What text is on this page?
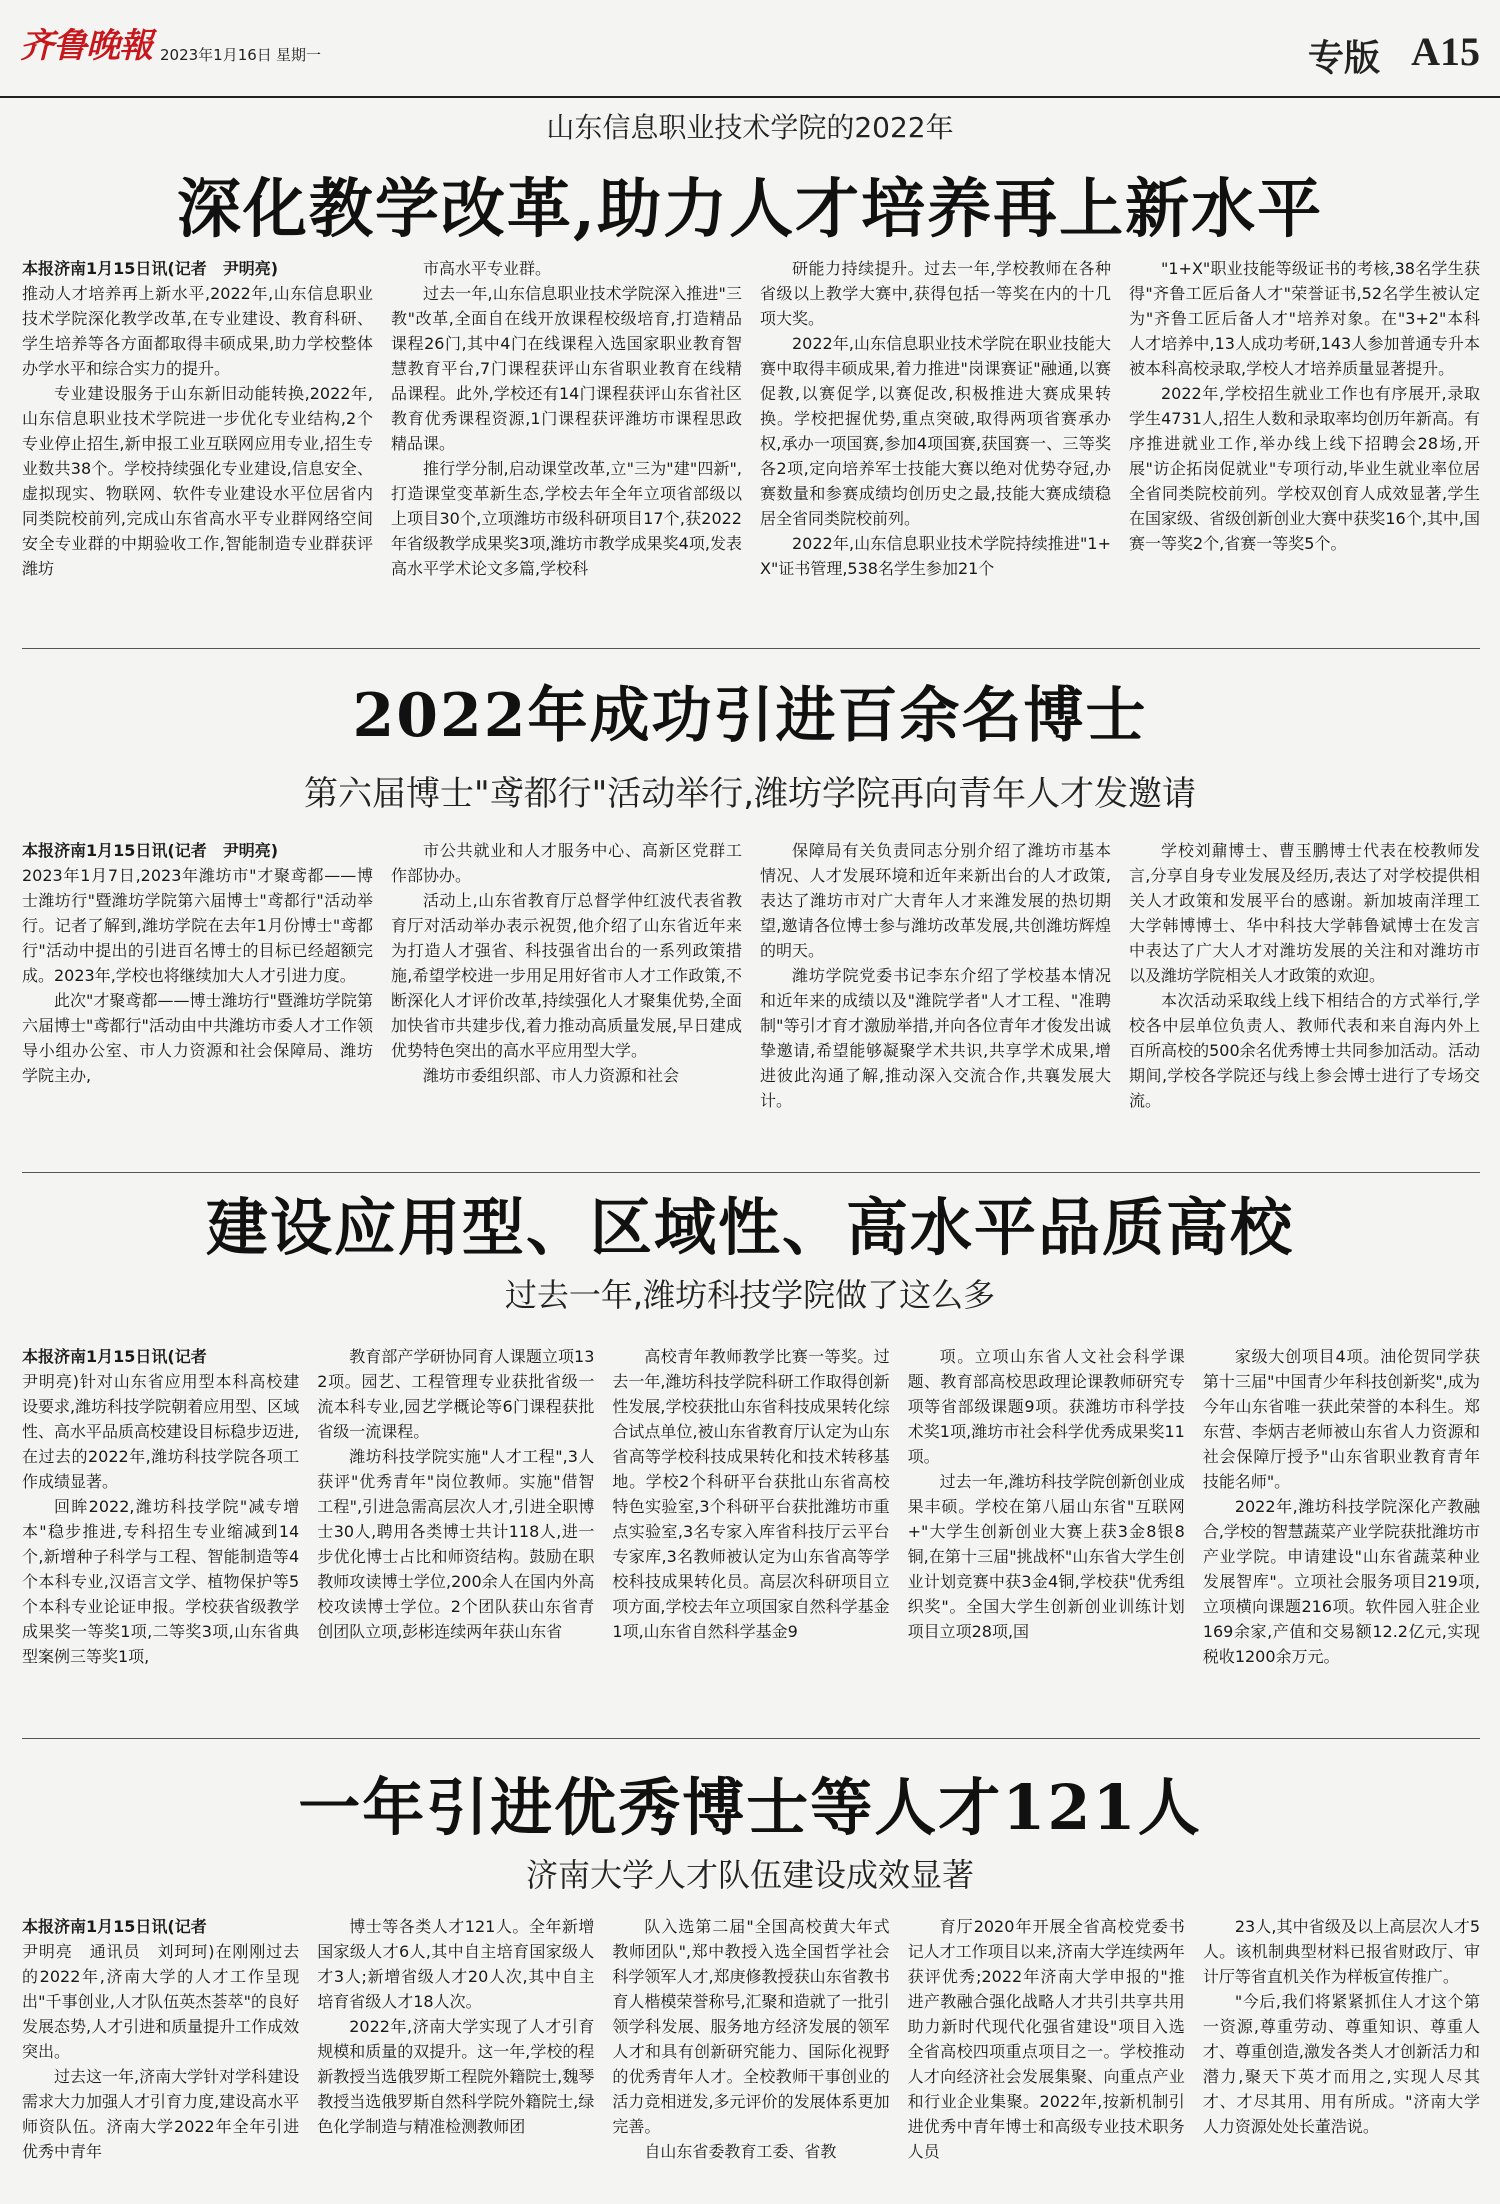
齐鲁晚報 2023年1月16日 星期一	专版 A15
山东信息职业技术学院的2022年
深化教学改革,助力人才培养再上新水平

本报济南1月15日讯(记者　尹明亮)
推动人才培养再上新水平,2022年,山东信息职业技术学院深化教学改革,在专业建设、教育科研、学生培养等各方面都取得丰硕成果,助力学校整体办学水平和综合实力的提升。

专业建设服务于山东新旧动能转换,2022年,山东信息职业技术学院进一步优化专业结构,2个专业停止招生,新申报工业互联网应用专业,招生专业数共38个。学校持续强化专业建设,信息安全、虚拟现实、物联网、软件专业建设水平位居省内同类院校前列,完成山东省高水平专业群网络空间安全专业群的中期验收工作,智能制造专业群获评潍坊

市高水平专业群。

过去一年,山东信息职业技术学院深入推进"三教"改革,全面自在线开放课程校级培育,打造精品课程26门,其中4门在线课程入选国家职业教育智慧教育平台,7门课程获评山东省职业教育在线精品课程。此外,学校还有14门课程获评山东省社区教育优秀课程资源,1门课程获评潍坊市课程思政精品课。

推行学分制,启动课堂改革,立"三为"建"四新",打造课堂变革新生态,学校去年全年立项省部级以上项目30个,立项潍坊市级科研项目17个,获2022年省级教学成果奖3项,潍坊市教学成果奖4项,发表高水平学术论文多篇,学校科

研能力持续提升。过去一年,学校教师在各种省级以上教学大赛中,获得包括一等奖在内的十几项大奖。

2022年,山东信息职业技术学院在职业技能大赛中取得丰硕成果,着力推进"岗课赛证"融通,以赛促教,以赛促学,以赛促改,积极推进大赛成果转换。学校把握优势,重点突破,取得两项省赛承办权,承办一项国赛,参加4项国赛,获国赛一、三等奖各2项,定向培养军士技能大赛以绝对优势夺冠,办赛数量和参赛成绩均创历史之最,技能大赛成绩稳居全省同类院校前列。

2022年,山东信息职业技术学院持续推进"1+X"证书管理,538名学生参加21个

"1+X"职业技能等级证书的考核,38名学生获得"齐鲁工匠后备人才"荣誉证书,52名学生被认定为"齐鲁工匠后备人才"培养对象。在"3+2"本科人才培养中,13人成功考研,143人参加普通专升本被本科高校录取,学校人才培养质量显著提升。

2022年,学校招生就业工作也有序展开,录取学生4731人,招生人数和录取率均创历年新高。有序推进就业工作,举办线上线下招聘会28场,开展"访企拓岗促就业"专项行动,毕业生就业率位居全省同类院校前列。学校双创育人成效显著,学生在国家级、省级创新创业大赛中获奖16个,其中,国赛一等奖2个,省赛一等奖5个。

2022年成功引进百余名博士
第六届博士"鸢都行"活动举行,潍坊学院再向青年人才发邀请

本报济南1月15日讯(记者　尹明亮)
2023年1月7日,2023年潍坊市"才聚鸢都——博士潍坊行"暨潍坊学院第六届博士"鸢都行"活动举行。记者了解到,潍坊学院在去年1月份博士"鸢都行"活动中提出的引进百名博士的目标已经超额完成。2023年,学校也将继续加大人才引进力度。

此次"才聚鸢都——博士潍坊行"暨潍坊学院第六届博士"鸢都行"活动由中共潍坊市委人才工作领导小组办公室、市人力资源和社会保障局、潍坊学院主办,

市公共就业和人才服务中心、高新区党群工作部协办。

活动上,山东省教育厅总督学仲红波代表省教育厅对活动举办表示祝贺,他介绍了山东省近年来为打造人才强省、科技强省出台的一系列政策措施,希望学校进一步用足用好省市人才工作政策,不断深化人才评价改革,持续强化人才聚集优势,全面加快省市共建步伐,着力推动高质量发展,早日建成优势特色突出的高水平应用型大学。

潍坊市委组织部、市人力资源和社会

保障局有关负责同志分别介绍了潍坊市基本情况、人才发展环境和近年来新出台的人才政策,表达了潍坊市对广大青年人才来潍发展的热切期望,邀请各位博士参与潍坊改革发展,共创潍坊辉煌的明天。

潍坊学院党委书记李东介绍了学校基本情况和近年来的成绩以及"潍院学者"人才工程、"准聘制"等引才育才激励举措,并向各位青年才俊发出诚挚邀请,希望能够凝聚学术共识,共享学术成果,增进彼此沟通了解,推动深入交流合作,共襄发展大计。

学校刘鼐博士、曹玉鹏博士代表在校教师发言,分享自身专业发展及经历,表达了对学校提供相关人才政策和发展平台的感谢。新加坡南洋理工大学韩博博士、华中科技大学韩鲁斌博士在发言中表达了广大人才对潍坊发展的关注和对潍坊市以及潍坊学院相关人才政策的欢迎。

本次活动采取线上线下相结合的方式举行,学校各中层单位负责人、教师代表和来自海内外上百所高校的500余名优秀博士共同参加活动。活动期间,学校各学院还与线上参会博士进行了专场交流。

建设应用型、区域性、高水平品质高校
过去一年,潍坊科技学院做了这么多

本报济南1月15日讯(记者
尹明亮)针对山东省应用型本科高校建设要求,潍坊科技学院朝着应用型、区域性、高水平品质高校建设目标稳步迈进,在过去的2022年,潍坊科技学院各项工作成绩显著。

回眸2022,潍坊科技学院"减专增本"稳步推进,专科招生专业缩减到14个,新增种子科学与工程、智能制造等4个本科专业,汉语言文学、植物保护等5个本科专业论证申报。学校获省级教学成果奖一等奖1项,二等奖3项,山东省典型案例三等奖1项,

教育部产学研协同育人课题立项132项。园艺、工程管理专业获批省级一流本科专业,园艺学概论等6门课程获批省级一流课程。

潍坊科技学院实施"人才工程",3人获评"优秀青年"岗位教师。实施"借智工程",引进急需高层次人才,引进全职博士30人,聘用各类博士共计118人,进一步优化博士占比和师资结构。鼓励在职教师攻读博士学位,200余人在国内外高校攻读博士学位。2个团队获山东省青创团队立项,彭彬连续两年获山东省

高校青年教师教学比赛一等奖。过去一年,潍坊科技学院科研工作取得创新性发展,学校获批山东省科技成果转化综合试点单位,被山东省教育厅认定为山东省高等学校科技成果转化和技术转移基地。学校2个科研平台获批山东省高校特色实验室,3个科研平台获批潍坊市重点实验室,3名专家入库省科技厅云平台专家库,3名教师被认定为山东省高等学校科技成果转化员。高层次科研项目立项方面,学校去年立项国家自然科学基金1项,山东省自然科学基金9

项。立项山东省人文社会科学课题、教育部高校思政理论课教师研究专项等省部级课题9项。获潍坊市科学技术奖1项,潍坊市社会科学优秀成果奖11项。

过去一年,潍坊科技学院创新创业成果丰硕。学校在第八届山东省"互联网+"大学生创新创业大赛上获3金8银8铜,在第十三届"挑战杯"山东省大学生创业计划竞赛中获3金4铜,学校获"优秀组织奖"。全国大学生创新创业训练计划项目立项28项,国

家级大创项目4项。油伦贺同学获第十三届"中国青少年科技创新奖",成为今年山东省唯一获此荣誉的本科生。郑东营、李炳吉老师被山东省人力资源和社会保障厅授予"山东省职业教育青年技能名师"。

2022年,潍坊科技学院深化产教融合,学校的智慧蔬菜产业学院获批潍坊市产业学院。申请建设"山东省蔬菜种业发展智库"。立项社会服务项目219项,立项横向课题216项。软件园入驻企业169余家,产值和交易额12.2亿元,实现税收1200余万元。

一年引进优秀博士等人才121人
济南大学人才队伍建设成效显著

本报济南1月15日讯(记者
尹明亮　通讯员　刘珂珂)在刚刚过去的2022年,济南大学的人才工作呈现出"千事创业,人才队伍英杰荟萃"的良好发展态势,人才引进和质量提升工作成效突出。

过去这一年,济南大学针对学科建设需求大力加强人才引育力度,建设高水平师资队伍。济南大学2022年全年引进优秀中青年

博士等各类人才121人。全年新增国家级人才6人,其中自主培育国家级人才3人;新增省级人才20人次,其中自主培育省级人才18人次。

2022年,济南大学实现了人才引育规模和质量的双提升。这一年,学校的程新教授当选俄罗斯工程院外籍院士,魏琴教授当选俄罗斯自然科学院外籍院士,绿色化学制造与精准检测教师团

队入选第二届"全国高校黄大年式教师团队",郑中教授入选全国哲学社会科学领军人才,郑庚修教授获山东省教书育人楷模荣誉称号,汇聚和造就了一批引领学科发展、服务地方经济发展的领军人才和具有创新研究能力、国际化视野的优秀青年人才。全校教师干事创业的活力竞相迸发,多元评价的发展体系更加完善。

自山东省委教育工委、省教

育厅2020年开展全省高校党委书记人才工作项目以来,济南大学连续两年获评优秀;2022年济南大学申报的"推进产教融合强化战略人才共引共享共用助力新时代现代化强省建设"项目入选全省高校四项重点项目之一。学校推动人才向经济社会发展集聚、向重点产业和行业企业集聚。2022年,按新机制引进优秀中青年博士和高级专业技术职务人员

23人,其中省级及以上高层次人才5人。该机制典型材料已报省财政厅、审计厅等省直机关作为样板宣传推广。

"今后,我们将紧紧抓住人才这个第一资源,尊重劳动、尊重知识、尊重人才、尊重创造,激发各类人才创新活力和潜力,聚天下英才而用之,实现人尽其才、才尽其用、用有所成。"济南大学人力资源处处长董浩说。
